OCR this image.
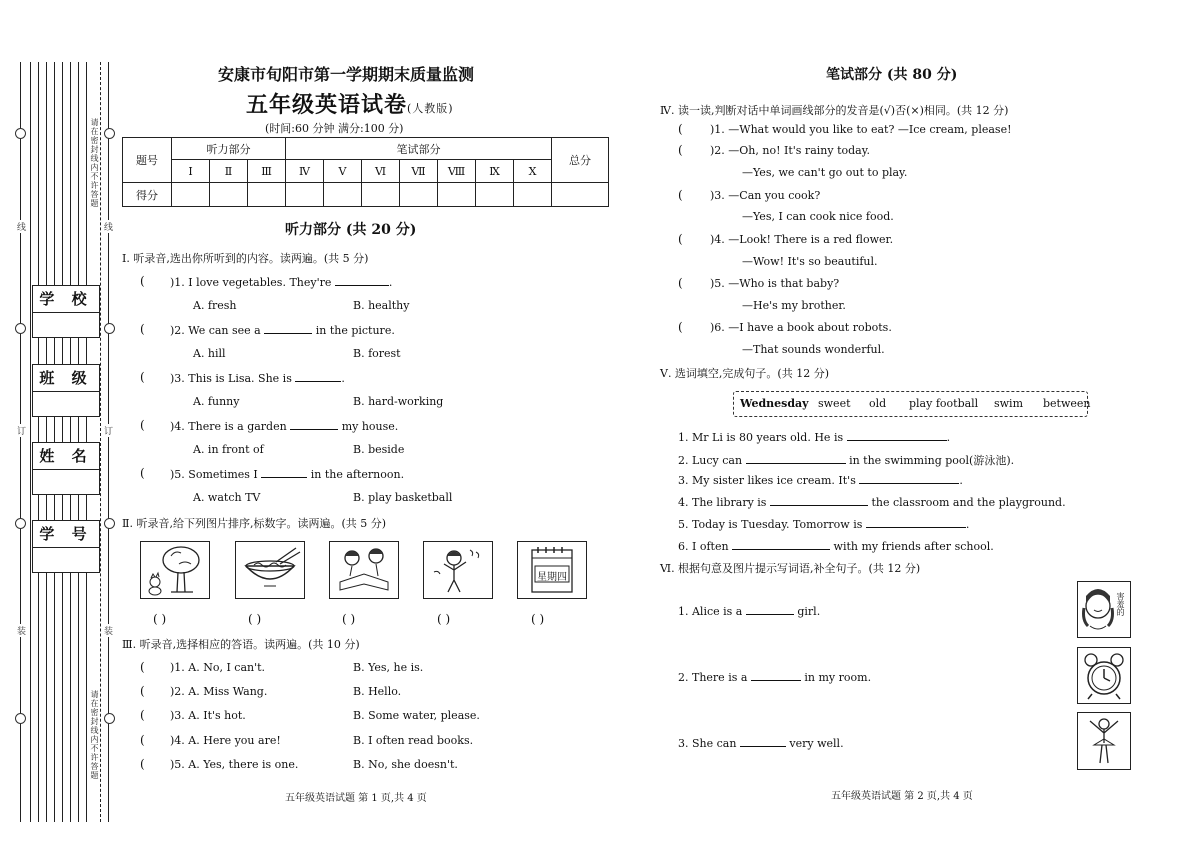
请在密封线内不许答题
请在密封线内不许答题
线	线
订	订
装	装
学 校
班 级
姓 名
学 号
安康市旬阳市第一学期期末质量监测
五年级英语试卷(人教版)
(时间:60 分钟 满分:100 分)
题号	听力部分			笔试部分							总分
	Ⅰ	Ⅱ	Ⅲ	Ⅳ	Ⅴ	Ⅵ	Ⅶ	Ⅷ	Ⅸ	Ⅹ	
得分											
听力部分 (共 20 分)
Ⅰ. 听录音,选出你所听到的内容。读两遍。(共 5 分)
( )1. I love vegetables. They're	.
A. fresh	B. healthy
( )2. We can see a	in the picture.
A. hill	B. forest
( )3. This is Lisa. She is	.
A. funny	B. hard-working
( )4. There is a garden	my house.
A. in front of	B. beside
( )5. Sometimes I	in the afternoon.
A. watch TV	B. play basketball
Ⅱ. 听录音,给下列图片排序,标数字。读两遍。(共 5 分)
星期四
( )	( )	( )	( )	( )
Ⅲ. 听录音,选择相应的答语。读两遍。(共 10 分)
( )1. A. No, I can't.	B. Yes, he is.
( )2. A. Miss Wang.	B. Hello.
( )3. A. It's hot.	B. Some water, please.
( )4. A. Here you are!	B. I often read books.
( )5. A. Yes, there is one.	B. No, she doesn't.
五年级英语试题 第 1 页,共 4 页
笔试部分 (共 80 分)
Ⅳ. 读一读,判断对话中单词画线部分的发音是(√)否(×)相同。(共 12 分)
( )1. —What would you like to eat? —Ice cream, please!
( )2. —Oh, no! It's rainy today.
—Yes, we can't go out to play.
( )3. —Can you cook?
—Yes, I can cook nice food.
( )4. —Look! There is a red flower.
—Wow! It's so beautiful.
( )5. —Who is that baby?
—He's my brother.
( )6. —I have a book about robots.
—That sounds wonderful.
Ⅴ. 选词填空,完成句子。(共 12 分)
Wednesday sweet old play football swim between
1. Mr Li is 80 years old. He is	.
2. Lucy can	in the swimming pool(游泳池).
3. My sister likes ice cream. It's	.
4. The library is	the classroom and the playground.
5. Today is Tuesday. Tomorrow is	.
6. I often	with my friends after school.
Ⅵ. 根据句意及图片提示写词语,补全句子。(共 12 分)
1. Alice is a	girl.
2. There is a	in my room.
3. She can	very well.
害羞的
五年级英语试题 第 2 页,共 4 页
